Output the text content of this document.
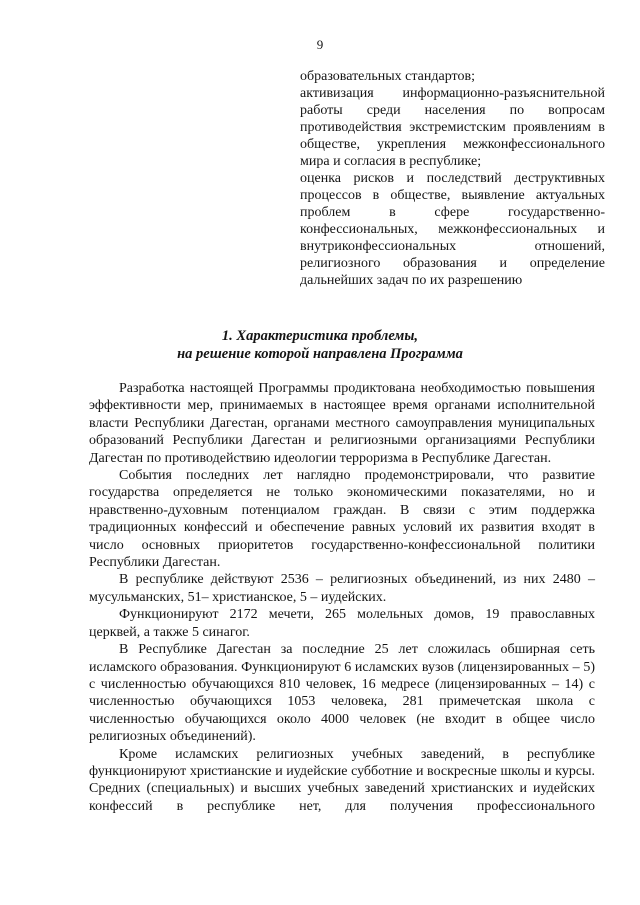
9
образовательных стандартов;
активизация информационно-разъяснительной работы среди населения по вопросам противодействия экстремистским проявлениям в обществе, укрепления межконфессионального мира и согласия в республике;
оценка рисков и последствий деструктивных процессов в обществе, выявление актуальных проблем в сфере государственно-конфессиональных, межконфессиональных и внутриконфессиональных отношений, религиозного образования и определение дальнейших задач по их разрешению
1. Характеристика проблемы,
на решение которой направлена Программа

Разработка настоящей Программы продиктована необходимостью повышения эффективности мер, принимаемых в настоящее время органами исполнительной власти Республики Дагестан, органами местного самоуправления муниципальных образований Республики Дагестан и религиозными организациями Республики Дагестан по противодействию идеологии терроризма в Республике Дагестан.

События последних лет наглядно продемонстрировали, что развитие государства определяется не только экономическими показателями, но и нравственно-духовным потенциалом граждан. В связи с этим поддержка традиционных конфессий и обеспечение равных условий их развития входят в число основных приоритетов государственно-конфессиональной политики Республики Дагестан.

В республике действуют 2536 – религиозных объединений, из них 2480 – мусульманских, 51– христианское, 5 – иудейских.

Функционируют 2172 мечети, 265 молельных домов, 19 православных церквей, а также 5 синагог.

В Республике Дагестан за последние 25 лет сложилась обширная сеть исламского образования. Функционируют 6 исламских вузов (лицензированных – 5) с численностью обучающихся 810 человек, 16 медресе (лицензированных – 14) с численностью обучающихся 1053 человека, 281 примечетская школа с численностью обучающихся около 4000 человек (не входит в общее число религиозных объединений).

Кроме исламских религиозных учебных заведений, в республике функционируют христианские и иудейские субботние и воскресные школы и курсы. Средних (специальных) и высших учебных заведений христианских и иудейских конфессий в республике нет, для получения профессионального
